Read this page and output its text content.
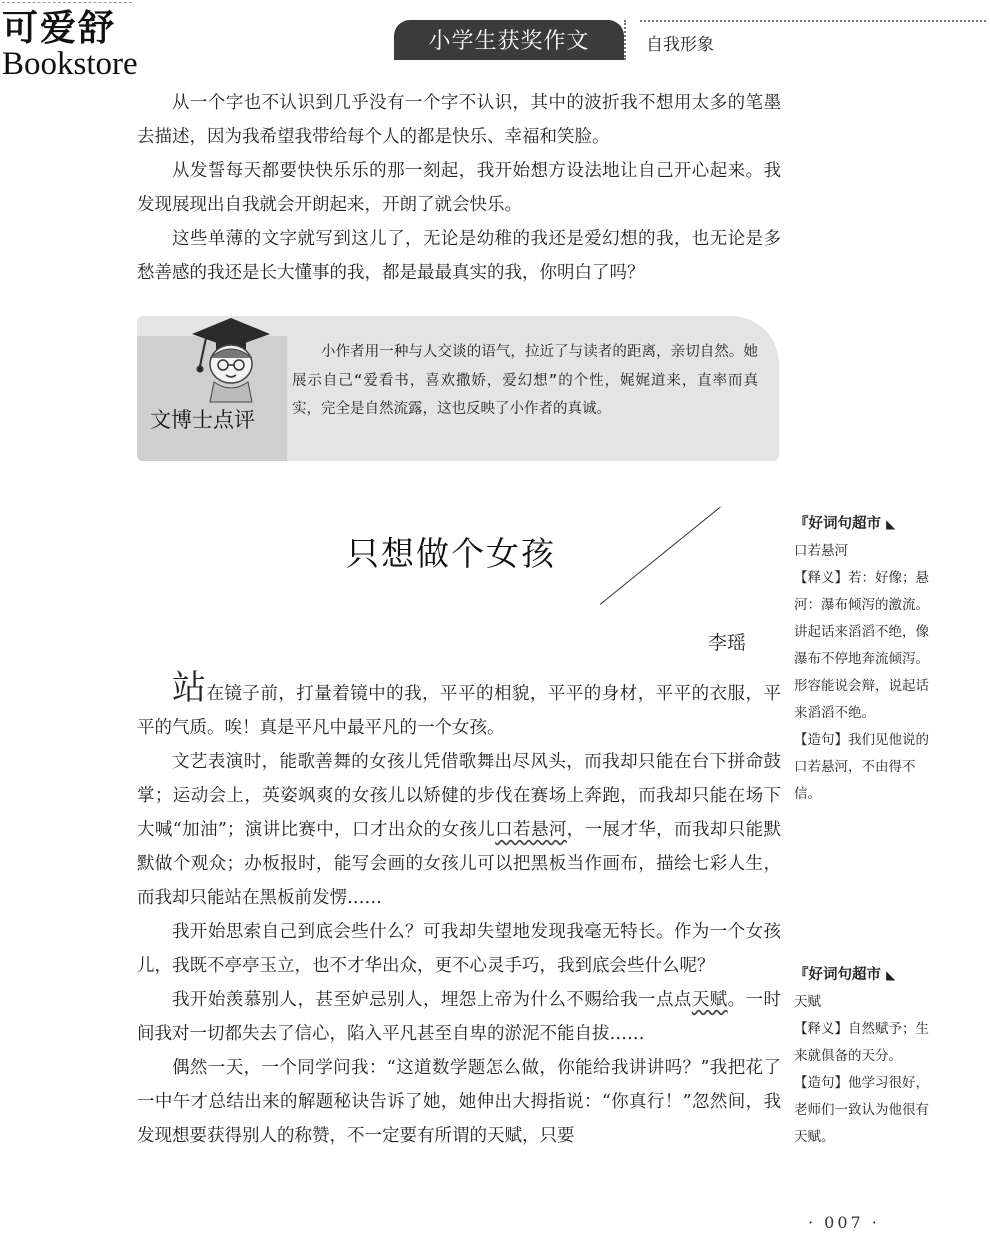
可爱舒
Bookstore
小学生获奖作文	自我形象

从一个字也不认识到几乎没有一个字不认识，其中的波折我不想用太多的笔墨去描述，因为我希望我带给每个人的都是快乐、幸福和笑脸。

从发誓每天都要快快乐乐的那一刻起，我开始想方设法地让自己开心起来。我发现展现出自我就会开朗起来，开朗了就会快乐。

这些单薄的文字就写到这儿了，无论是幼稚的我还是爱幻想的我，也无论是多愁善感的我还是长大懂事的我，都是最最真实的我，你明白了吗？

文博士点评

小作者用一种与人交谈的语气，拉近了与读者的距离，亲切自然。她展示自己“爱看书，喜欢撒娇，爱幻想”的个性，娓娓道来，直率而真实，完全是自然流露，这也反映了小作者的真诚。

只想做个女孩
李瑶

站在镜子前，打量着镜中的我，平平的相貌，平平的身材，平平的衣服，平平的气质。唉！真是平凡中最平凡的一个女孩。

文艺表演时，能歌善舞的女孩儿凭借歌舞出尽风头，而我却只能在台下拼命鼓掌；运动会上，英姿飒爽的女孩儿以矫健的步伐在赛场上奔跑，而我却只能在场下大喊“加油”；演讲比赛中，口才出众的女孩儿口若悬河，一展才华，而我却只能默默做个观众；办板报时，能写会画的女孩儿可以把黑板当作画布，描绘七彩人生，而我却只能站在黑板前发愣……

我开始思索自己到底会些什么？可我却失望地发现我毫无特长。作为一个女孩儿，我既不亭亭玉立，也不才华出众，更不心灵手巧，我到底会些什么呢？

我开始羡慕别人，甚至妒忌别人，埋怨上帝为什么不赐给我一点点天赋。一时间我对一切都失去了信心，陷入平凡甚至自卑的淤泥不能自拔……

偶然一天，一个同学问我：“这道数学题怎么做，你能给我讲讲吗？”我把花了一中午才总结出来的解题秘诀告诉了她，她伸出大拇指说：“你真行！”忽然间，我发现想要获得别人的称赞，不一定要有所谓的天赋，只要

『好词句超市 ◣
口若悬河
【释义】若：好像；悬河：瀑布倾泻的激流。讲起话来滔滔不绝，像瀑布不停地奔流倾泻。形容能说会辩，说起话来滔滔不绝。
【造句】我们见他说的口若悬河，不由得不信。
『好词句超市 ◣
天赋
【释义】自然赋予；生来就俱备的天分。
【造句】他学习很好，老师们一致认为他很有天赋。
· 007 ·
